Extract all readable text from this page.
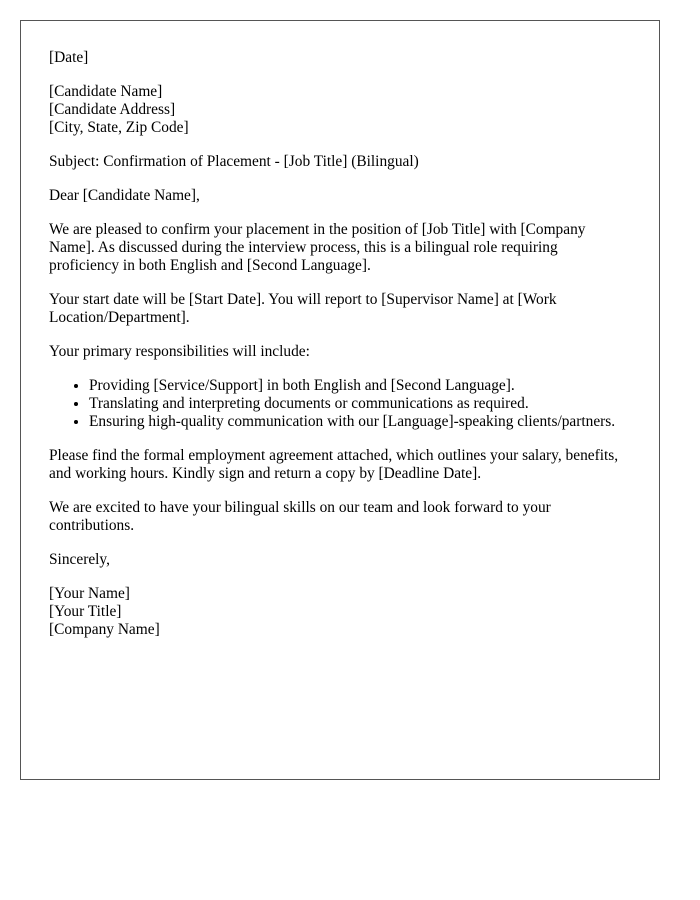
[Date]
[Candidate Name]
[Candidate Address]
[City, State, Zip Code]

Subject: Confirmation of Placement - [Job Title] (Bilingual)

Dear [Candidate Name],

We are pleased to confirm your placement in the position of [Job Title] with [Company Name]. As discussed during the interview process, this is a bilingual role requiring proficiency in both English and [Second Language].

Your start date will be [Start Date]. You will report to [Supervisor Name] at [Work Location/Department].

Your primary responsibilities will include:

• Providing [Service/Support] in both English and [Second Language].
• Translating and interpreting documents or communications as required.
• Ensuring high-quality communication with our [Language]-speaking clients/partners.

Please find the formal employment agreement attached, which outlines your salary, benefits, and working hours. Kindly sign and return a copy by [Deadline Date].

We are excited to have your bilingual skills on our team and look forward to your contributions.

Sincerely,

[Your Name]
[Your Title]
[Company Name]
